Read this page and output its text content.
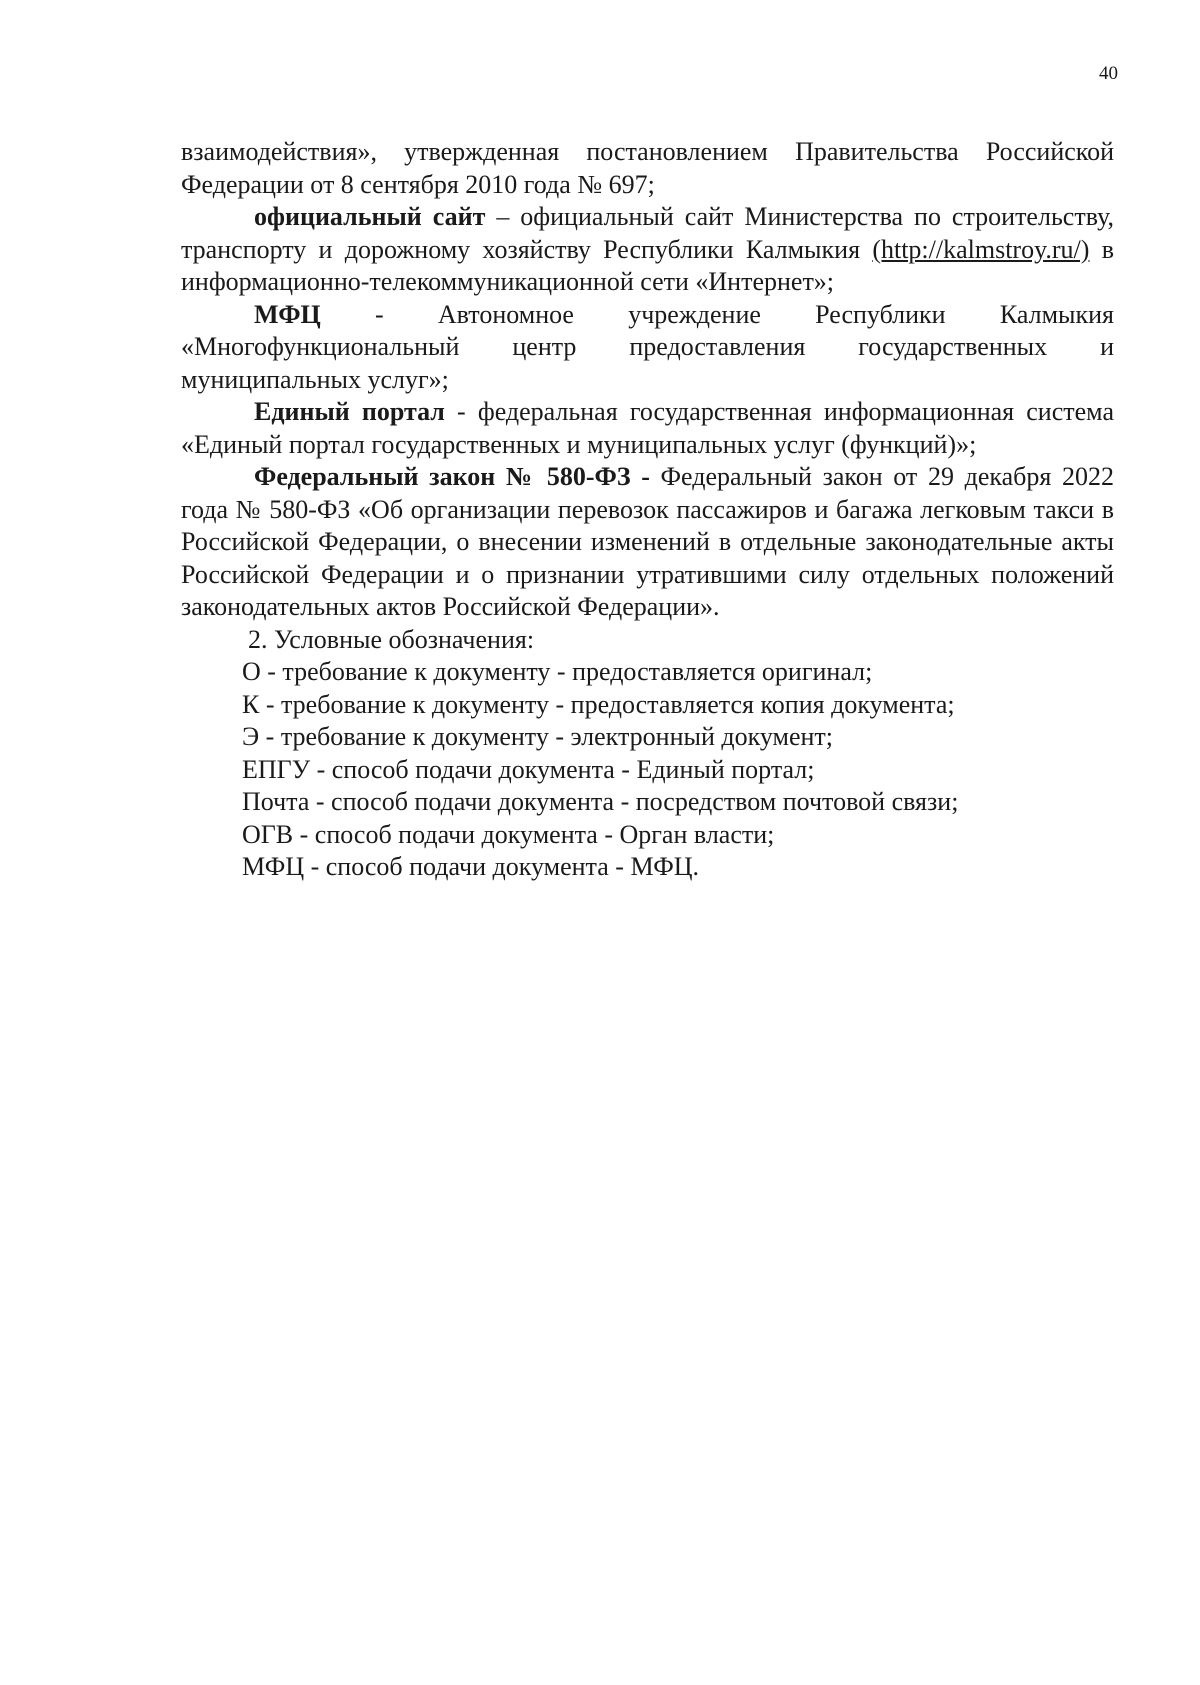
40

взаимодействия», утвержденная постановлением Правительства Российской Федерации от 8 сентября 2010 года № 697;

официальный сайт – официальный сайт Министерства по строительству, транспорту и дорожному хозяйству Республики Калмыкия (http://kalmstroy.ru/) в информационно-телекоммуникационной сети «Интернет»;

МФЦ - Автономное учреждение Республики Калмыкия «Многофункциональный центр предоставления государственных и муниципальных услуг»;

Единый портал - федеральная государственная информационная система «Единый портал государственных и муниципальных услуг (функций)»;

Федеральный закон № 580-ФЗ - Федеральный закон от 29 декабря 2022 года № 580-ФЗ «Об организации перевозок пассажиров и багажа легковым такси в Российской Федерации, о внесении изменений в отдельные законодательные акты Российской Федерации и о признании утратившими силу отдельных положений законодательных актов Российской Федерации».

2. Условные обозначения:

О - требование к документу - предоставляется оригинал;

К - требование к документу - предоставляется копия документа;

Э - требование к документу - электронный документ;

ЕПГУ - способ подачи документа - Единый портал;

Почта - способ подачи документа - посредством почтовой связи;

ОГВ - способ подачи документа - Орган власти;

МФЦ - способ подачи документа - МФЦ.
